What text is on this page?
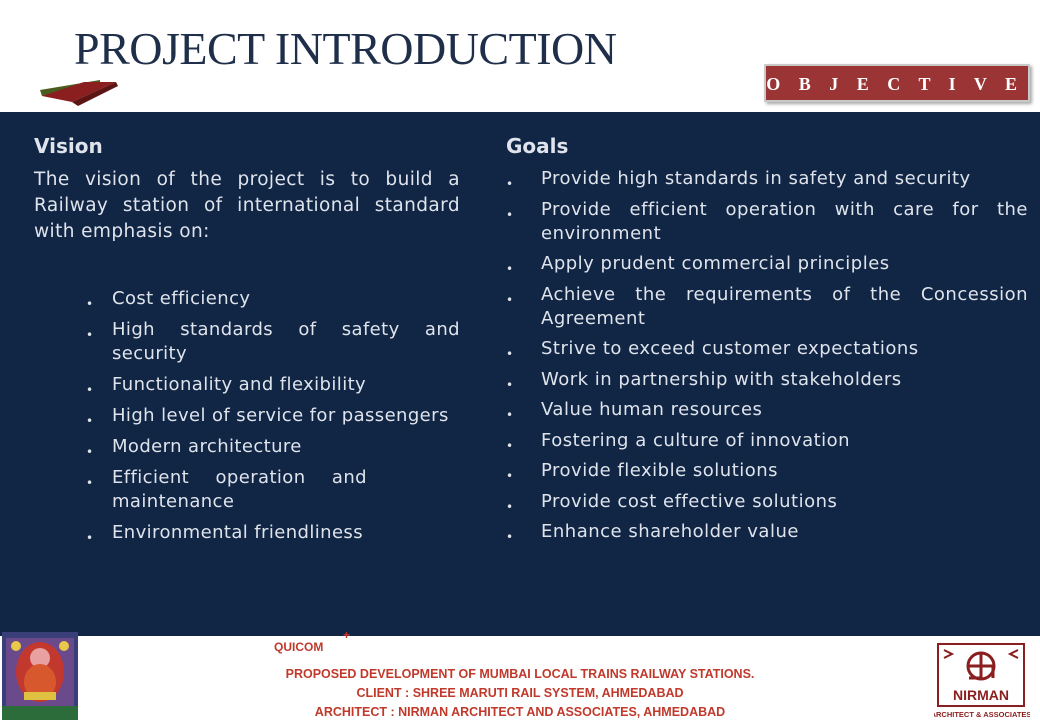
PROJECT INTRODUCTION
O B J E C T I V E
Vision
The vision of the project is to build a Railway station of international standard with emphasis on:
• Cost efficiency
• High standards of safety and security
• Functionality and flexibility
• High level of service for passengers
• Modern architecture
• Efficient operation and maintenance
• Environmental friendliness
Goals
• Provide high standards in safety and security
• Provide efficient operation with care for the environment
• Apply prudent commercial principles
• Achieve the requirements of the Concession Agreement
• Strive to exceed customer expectations
• Work in partnership with stakeholders
• Value human resources
• Fostering a culture of innovation
• Provide flexible solutions
• Provide cost effective solutions
• Enhance shareholder value
QUICOM
+
PROPOSED DEVELOPMENT OF MUMBAI LOCAL TRAINS RAILWAY STATIONS.
CLIENT : SHREE MARUTI RAIL SYSTEM, AHMEDABAD
ARCHITECT : NIRMAN ARCHITECT AND ASSOCIATES, AHMEDABAD
NIRMAN
ARCHITECT & ASSOCIATES
